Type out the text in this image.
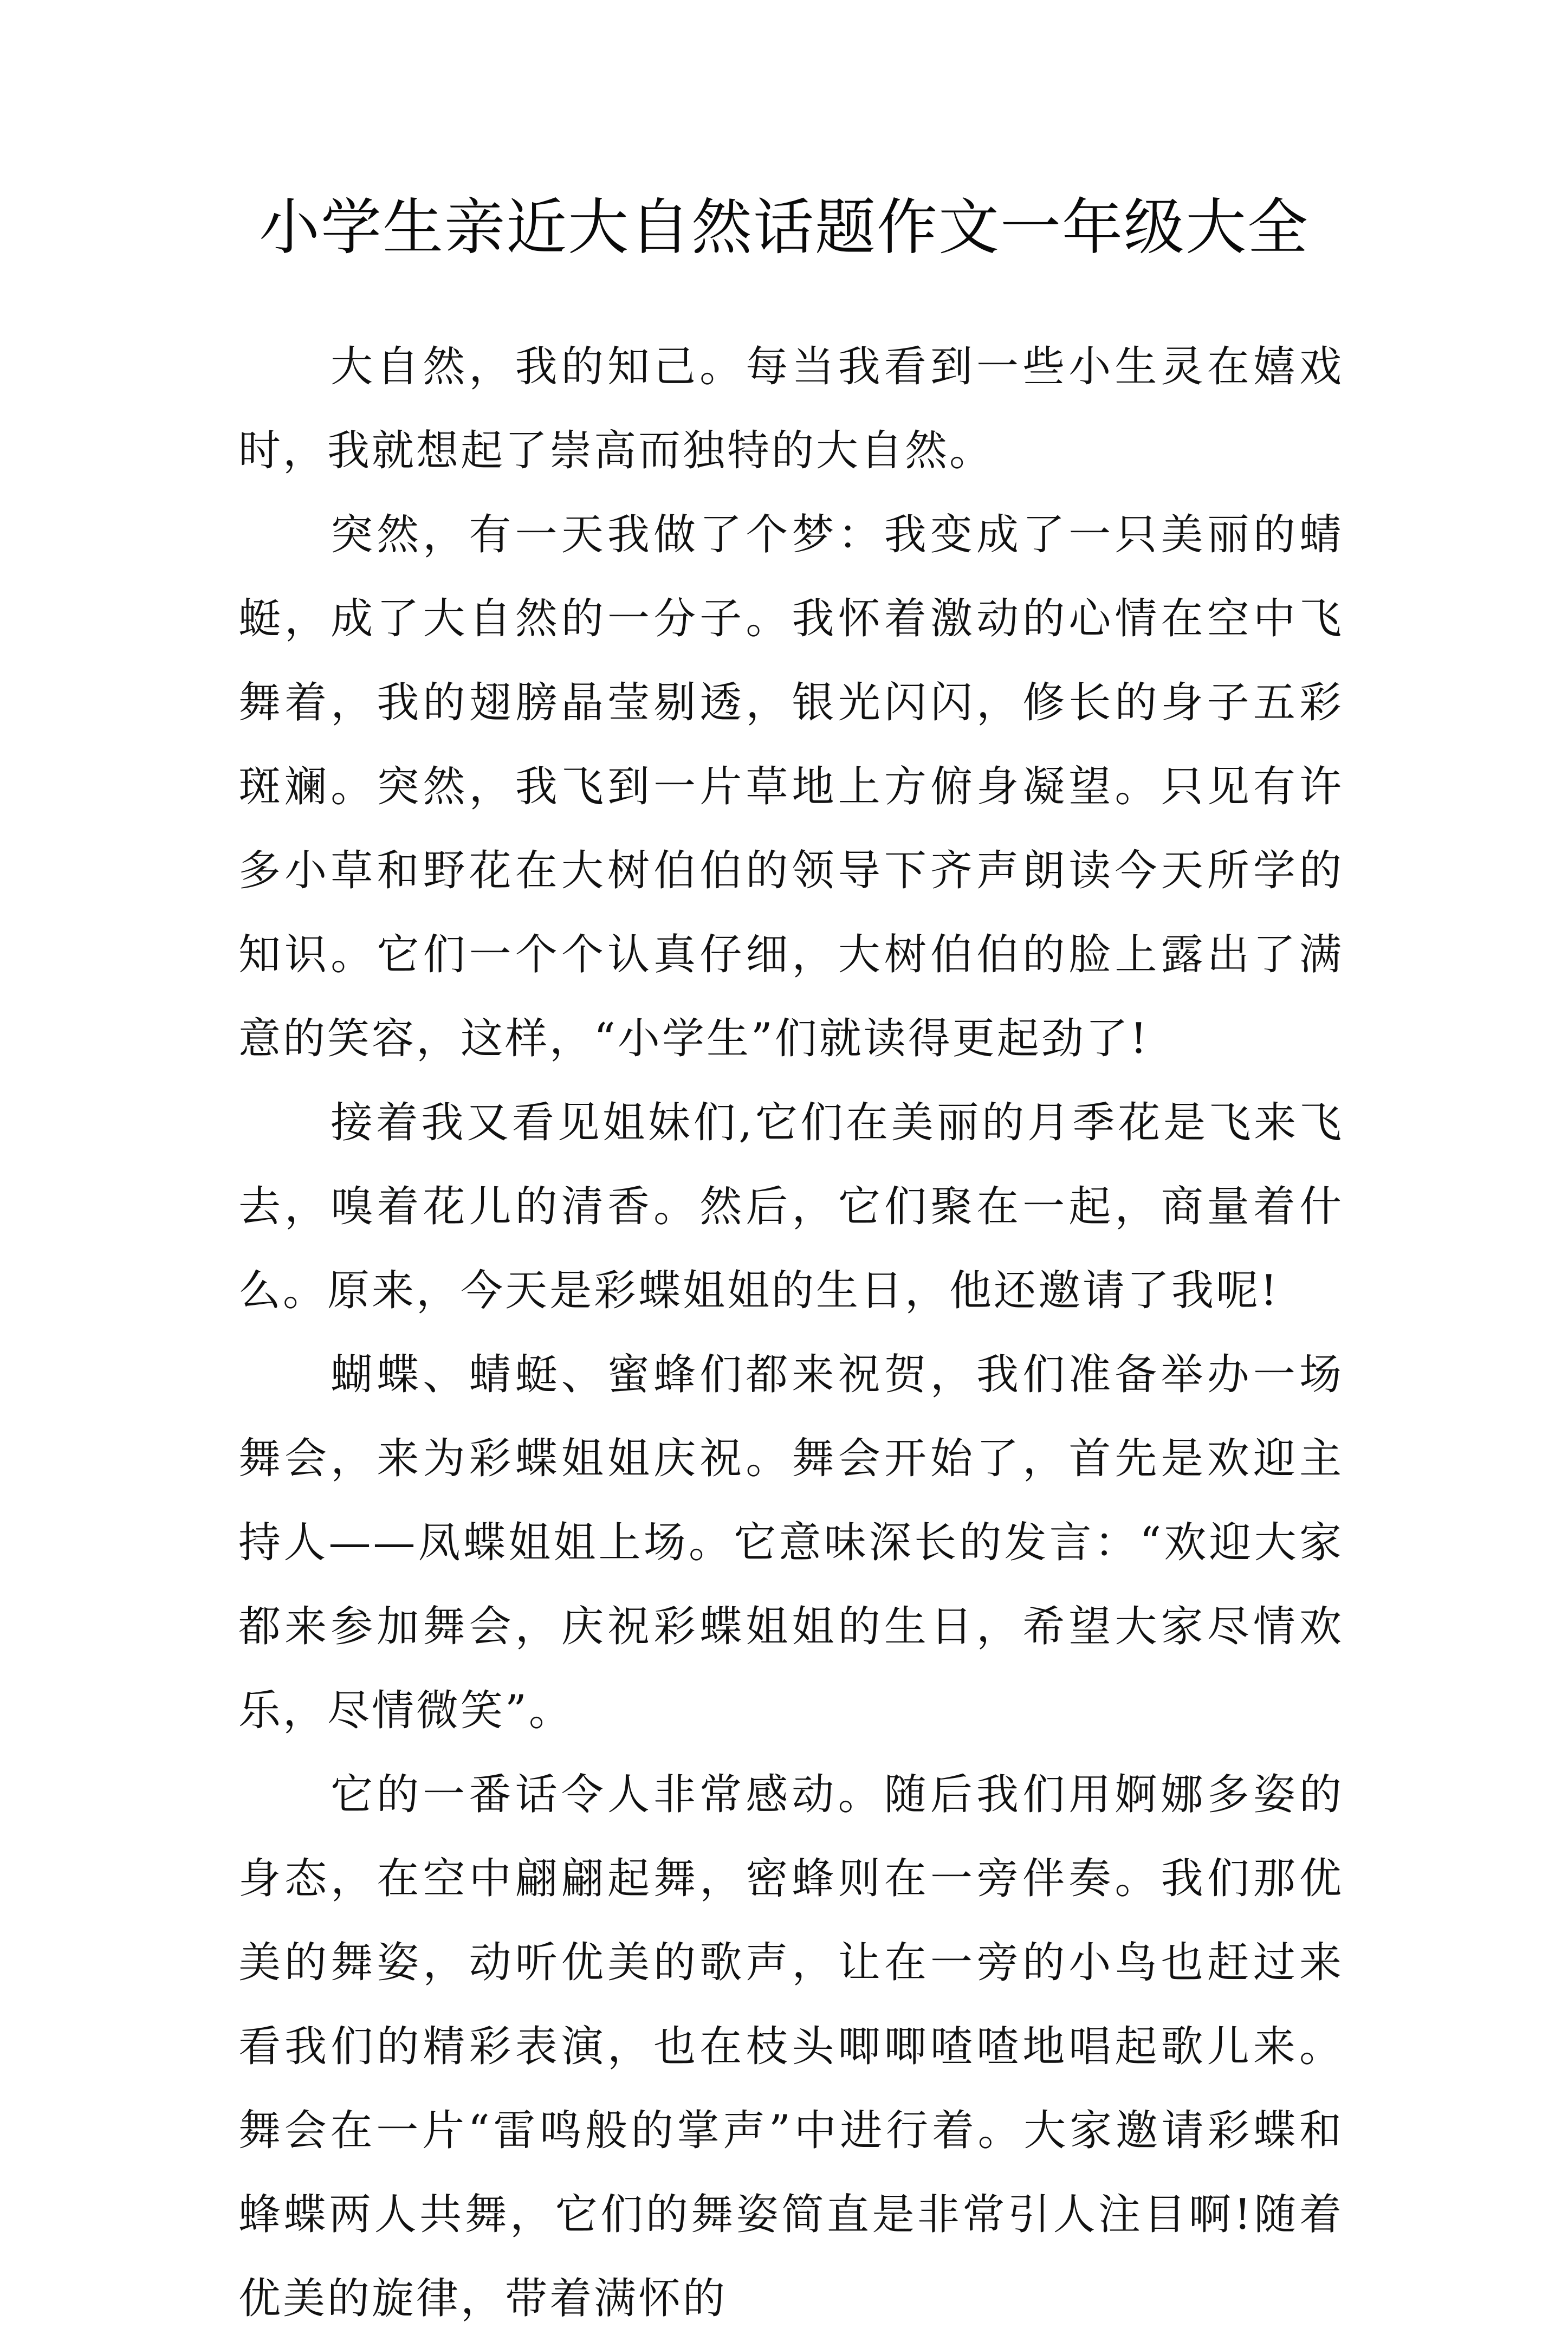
小学生亲近大自然话题作文一年级大全

大自然，我的知己。每当我看到一些小生灵在嬉戏时，我就想起了崇高而独特的大自然。

突然，有一天我做了个梦：我变成了一只美丽的蜻蜓，成了大自然的一分子。我怀着激动的心情在空中飞舞着，我的翅膀晶莹剔透，银光闪闪，修长的身子五彩斑斓。突然，我飞到一片草地上方俯身凝望。只见有许多小草和野花在大树伯伯的领导下齐声朗读今天所学的知识。它们一个个认真仔细，大树伯伯的脸上露出了满意的笑容，这样，“小学生”们就读得更起劲了!

接着我又看见姐妹们,它们在美丽的月季花是飞来飞去，嗅着花儿的清香。然后，它们聚在一起，商量着什么。原来，今天是彩蝶姐姐的生日，他还邀请了我呢!

蝴蝶、蜻蜓、蜜蜂们都来祝贺，我们准备举办一场舞会，来为彩蝶姐姐庆祝。舞会开始了，首先是欢迎主持人——凤蝶姐姐上场。它意味深长的发言：“欢迎大家都来参加舞会，庆祝彩蝶姐姐的生日，希望大家尽情欢乐，尽情微笑”。

它的一番话令人非常感动。随后我们用婀娜多姿的身态，在空中翩翩起舞，密蜂则在一旁伴奏。我们那优美的舞姿，动听优美的歌声，让在一旁的小鸟也赶过来看我们的精彩表演，也在枝头唧唧喳喳地唱起歌儿来。舞会在一片“雷鸣般的掌声”中进行着。大家邀请彩蝶和蜂蝶两人共舞，它们的舞姿简直是非常引人注目啊!随着优美的旋律，带着满怀的
